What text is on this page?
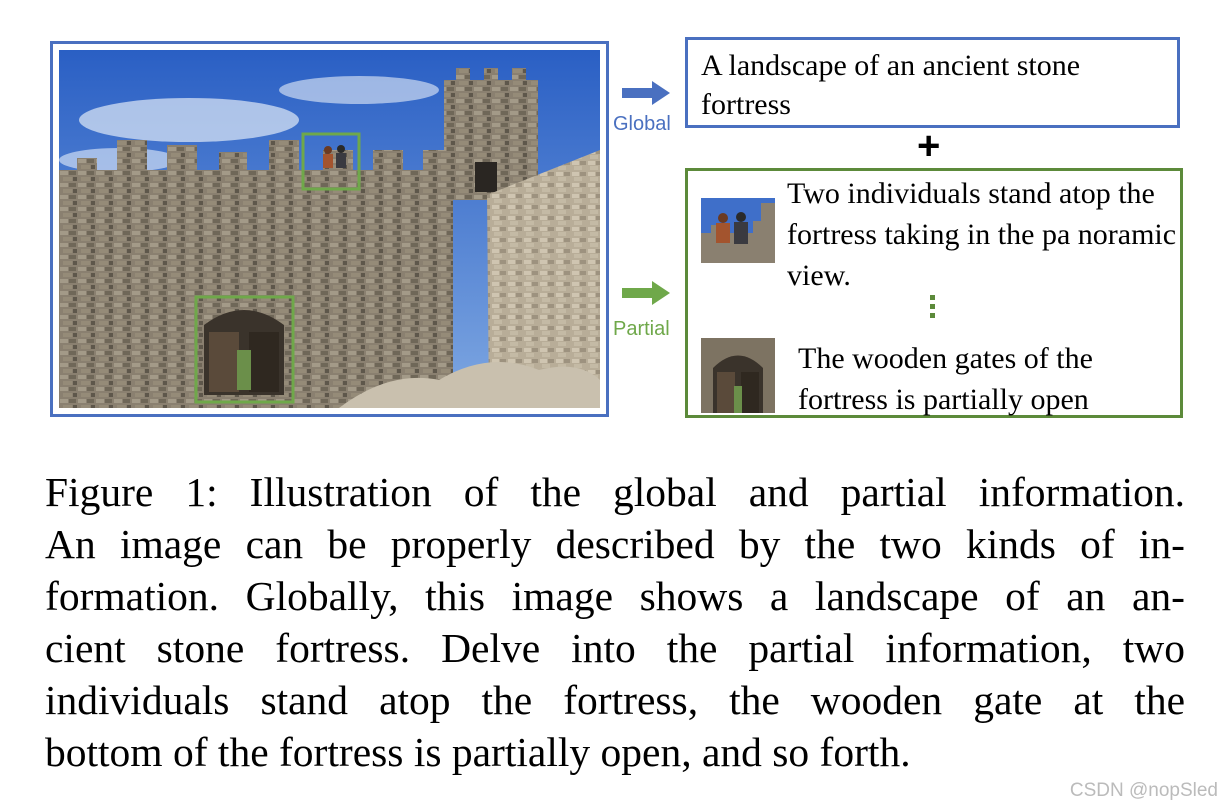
Global
Partial
A landscape of an ancient stone fortress
+
Two individuals stand atop the fortress taking in the pa noramic view.
The wooden gates of the fortress is partially open
Figure 1: Illustration of the global and partial information.
An image can be properly described by the two kinds of in-
formation. Globally, this image shows a landscape of an an-
cient stone fortress. Delve into the partial information, two
individuals stand atop the fortress, the wooden gate at the
bottom of the fortress is partially open, and so forth.
CSDN @nopSled
